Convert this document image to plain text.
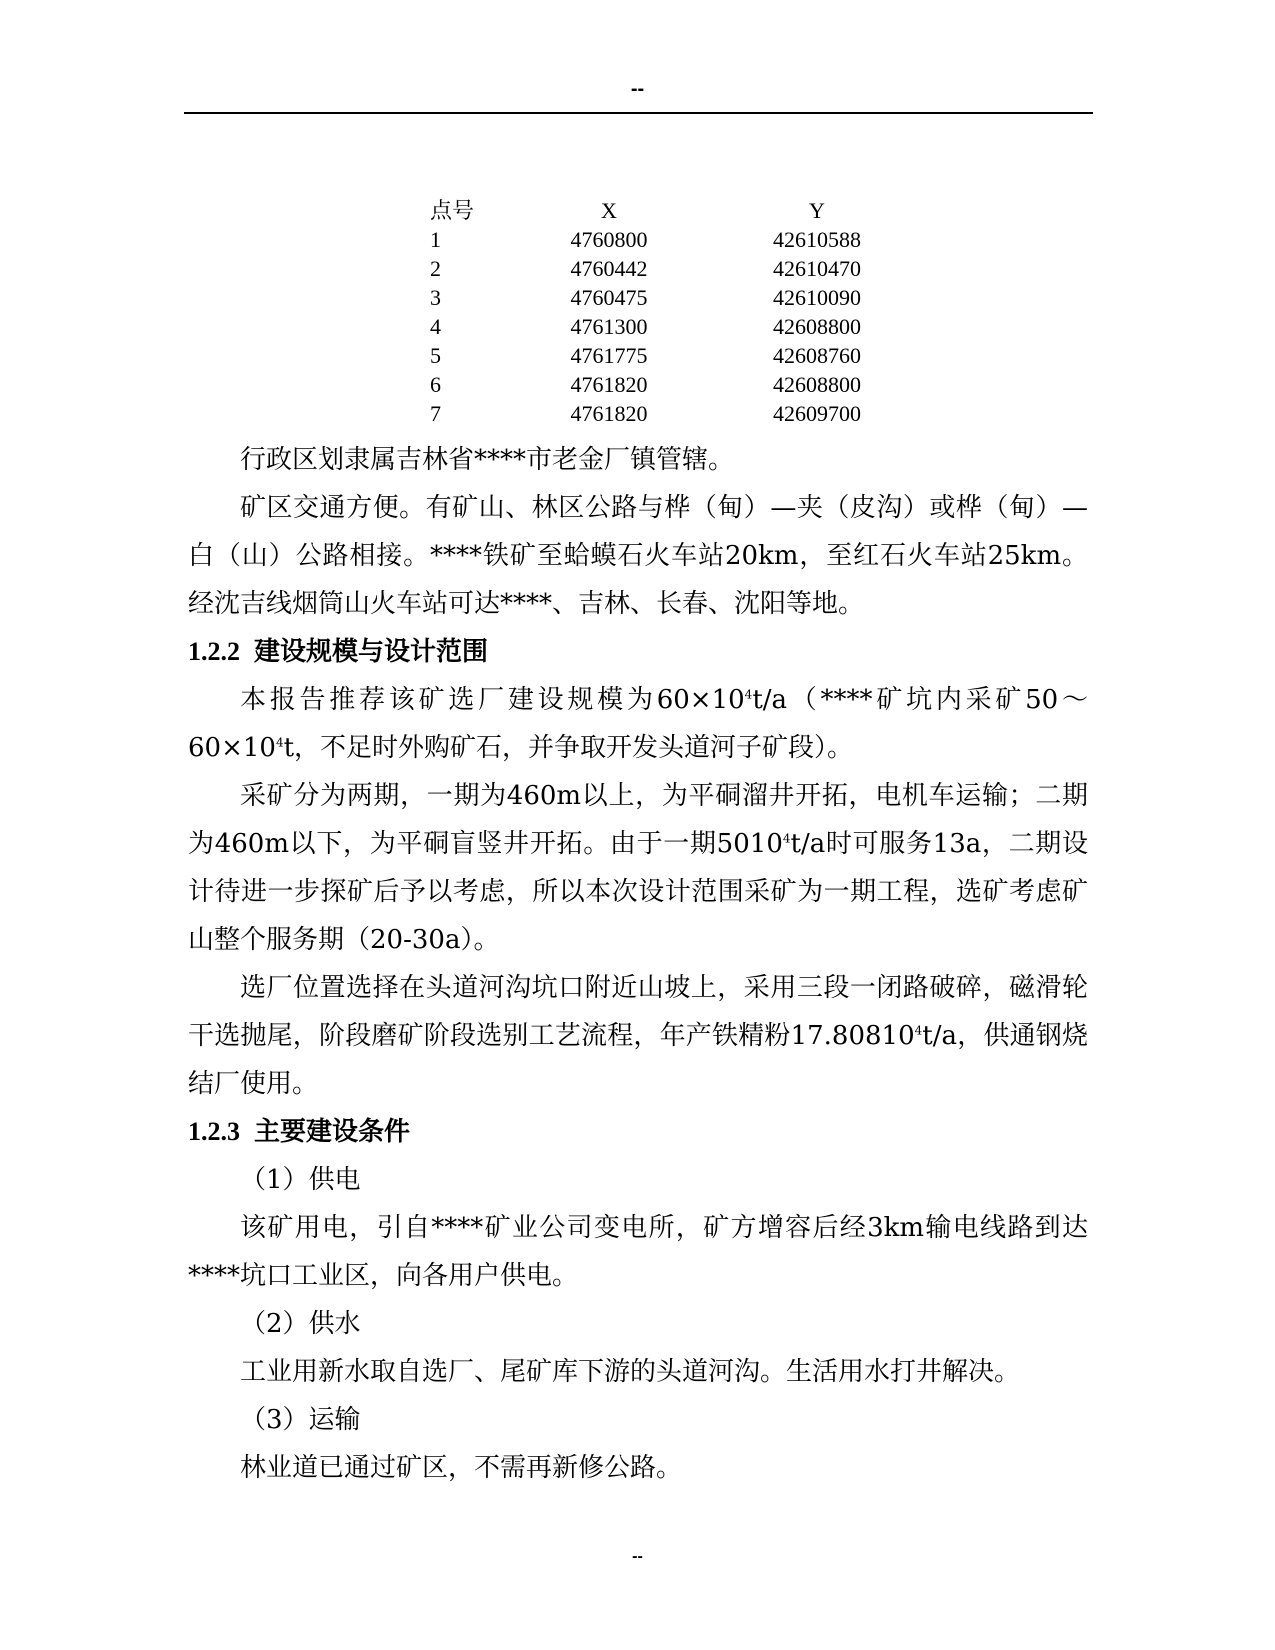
--
点号	X	Y
1	4760800	42610588
2	4760442	42610470
3	4760475	42610090
4	4761300	42608800
5	4761775	42608760
6	4761820	42608800
7	4761820	42609700

行政区划隶属吉林省****市老金厂镇管辖。

矿区交通方便。有矿山、林区公路与桦（甸）—夹（皮沟）或桦（甸）—白（山）公路相接。****铁矿至蛤蟆石火车站20km，至红石火车站25km。经沈吉线烟筒山火车站可达****、吉林、长春、沈阳等地。

1.2.2 建设规模与设计范围

本报告推荐该矿选厂建设规模为$60\times 10^4t/a(****$矿坑内采矿$50\sim 60\times 10^4t$，不足时外购矿石，并争取开发头道河子矿段）。

采矿分为两期，一期为460m以上，为平硐溜井开拓，电机车运输；二期为460m以下，为平硐盲竖井开拓。由于一期5010$^4$t/a时可服务13a，二期设计待进一步探矿后予以考虑，所以本次设计范围采矿为一期工程，选矿考虑矿山整个服务期（20-30a）。

选厂位置选择在头道河沟坑口附近山坡上，采用三段一闭路破碎，磁滑轮干选抛尾，阶段磨矿阶段选别工艺流程，年产铁精粉17.80810$^4$t/a，供通钢烧结厂使用。

1.2.3 主要建设条件

（1）供电

该矿用电，引自****矿业公司变电所，矿方增容后经3km输电线路到达****坑口工业区，向各用户供电。

（2）供水

工业用新水取自选厂、尾矿库下游的头道河沟。生活用水打井解决。

（3）运输

林业道已通过矿区，不需再新修公路。

--
